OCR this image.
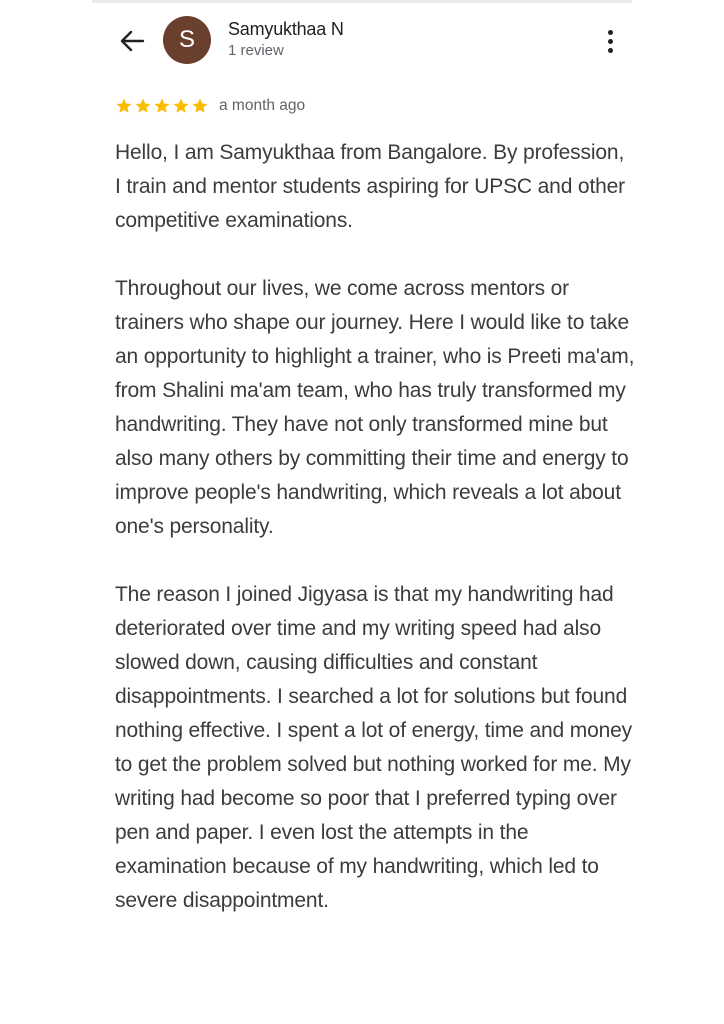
S Samyukthaa N
1 review
a month ago

Hello, I am Samyukthaa from Bangalore. By profession, I train and mentor students aspiring for UPSC and other competitive examinations.

Throughout our lives, we come across mentors or trainers who shape our journey. Here I would like to take an opportunity to highlight a trainer, who is Preeti ma'am, from Shalini ma'am team, who has truly transformed my handwriting. They have not only transformed mine but also many others by committing their time and energy to improve people's handwriting, which reveals a lot about one's personality.

The reason I joined Jigyasa is that my handwriting had deteriorated over time and my writing speed had also slowed down, causing difficulties and constant disappointments. I searched a lot for solutions but found nothing effective. I spent a lot of energy, time and money to get the problem solved but nothing worked for me. My writing had become so poor that I preferred typing over pen and paper. I even lost the attempts in the examination because of my handwriting, which led to severe disappointment.
